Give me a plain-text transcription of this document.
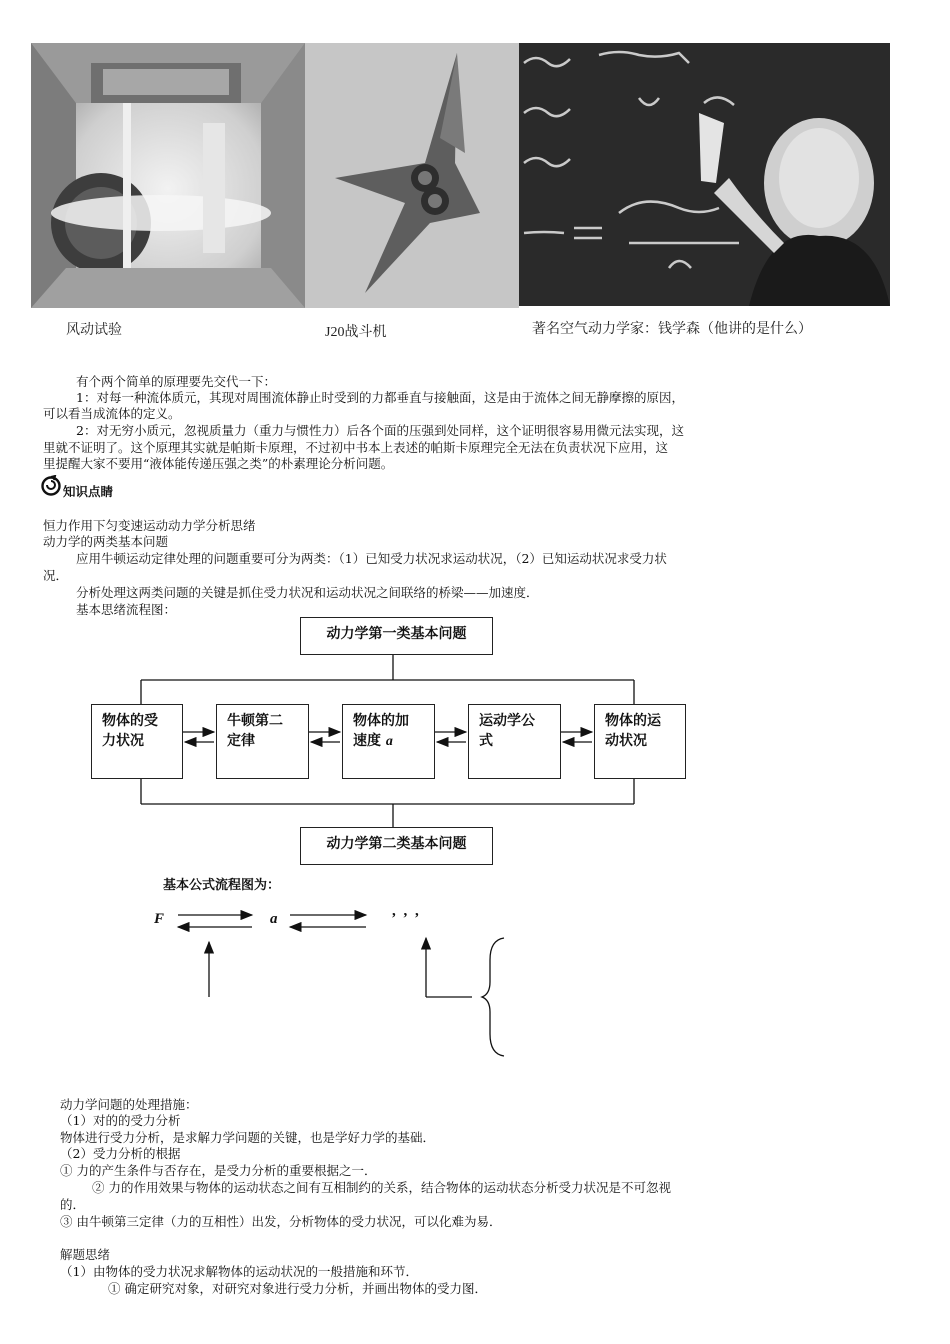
风动试验	J20战斗机	著名空气动力学家：钱学森（他讲的是什么）
有个两个简单的原理要先交代一下：
1：对每一种流体质元，其现对周围流体静止时受到的力都垂直与接触面，这是由于流体之间无静摩擦的原因，
可以看当成流体的定义。
2：对无穷小质元，忽视质量力（重力与惯性力）后各个面的压强到处同样，这个证明很容易用微元法实现，这
里就不证明了。这个原理其实就是帕斯卡原理，不过初中书本上表述的帕斯卡原理完全无法在负责状况下应用，这
里提醒大家不要用“液体能传递压强之类”的朴素理论分析问题。
知识点睛
恒力作用下匀变速运动动力学分析思绪
动力学的两类基本问题
应用牛顿运动定律处理的问题重要可分为两类：（1）已知受力状况求运动状况，（2）已知运动状况求受力状
况．
分析处理这两类问题的关键是抓住受力状况和运动状况之间联络的桥梁——加速度．
基本思绪流程图：
动力学第一类基本问题
物体的受
力状况
牛顿第二
定律
物体的加
速度 a
运动学公
式
物体的运
动状况
动力学第二类基本问题
基本公式流程图为：
F	a	, , ,
动力学问题的处理措施：
（1）对的的受力分析
物体进行受力分析，是求解力学问题的关键，也是学好力学的基础．
（2）受力分析的根据
① 力的产生条件与否存在，是受力分析的重要根据之一．
② 力的作用效果与物体的运动状态之间有互相制约的关系，结合物体的运动状态分析受力状况是不可忽视
的．
③ 由牛顿第三定律（力的互相性）出发，分析物体的受力状况，可以化难为易．
解题思绪
（1）由物体的受力状况求解物体的运动状况的一般措施和环节．
① 确定研究对象，对研究对象进行受力分析，并画出物体的受力图．
